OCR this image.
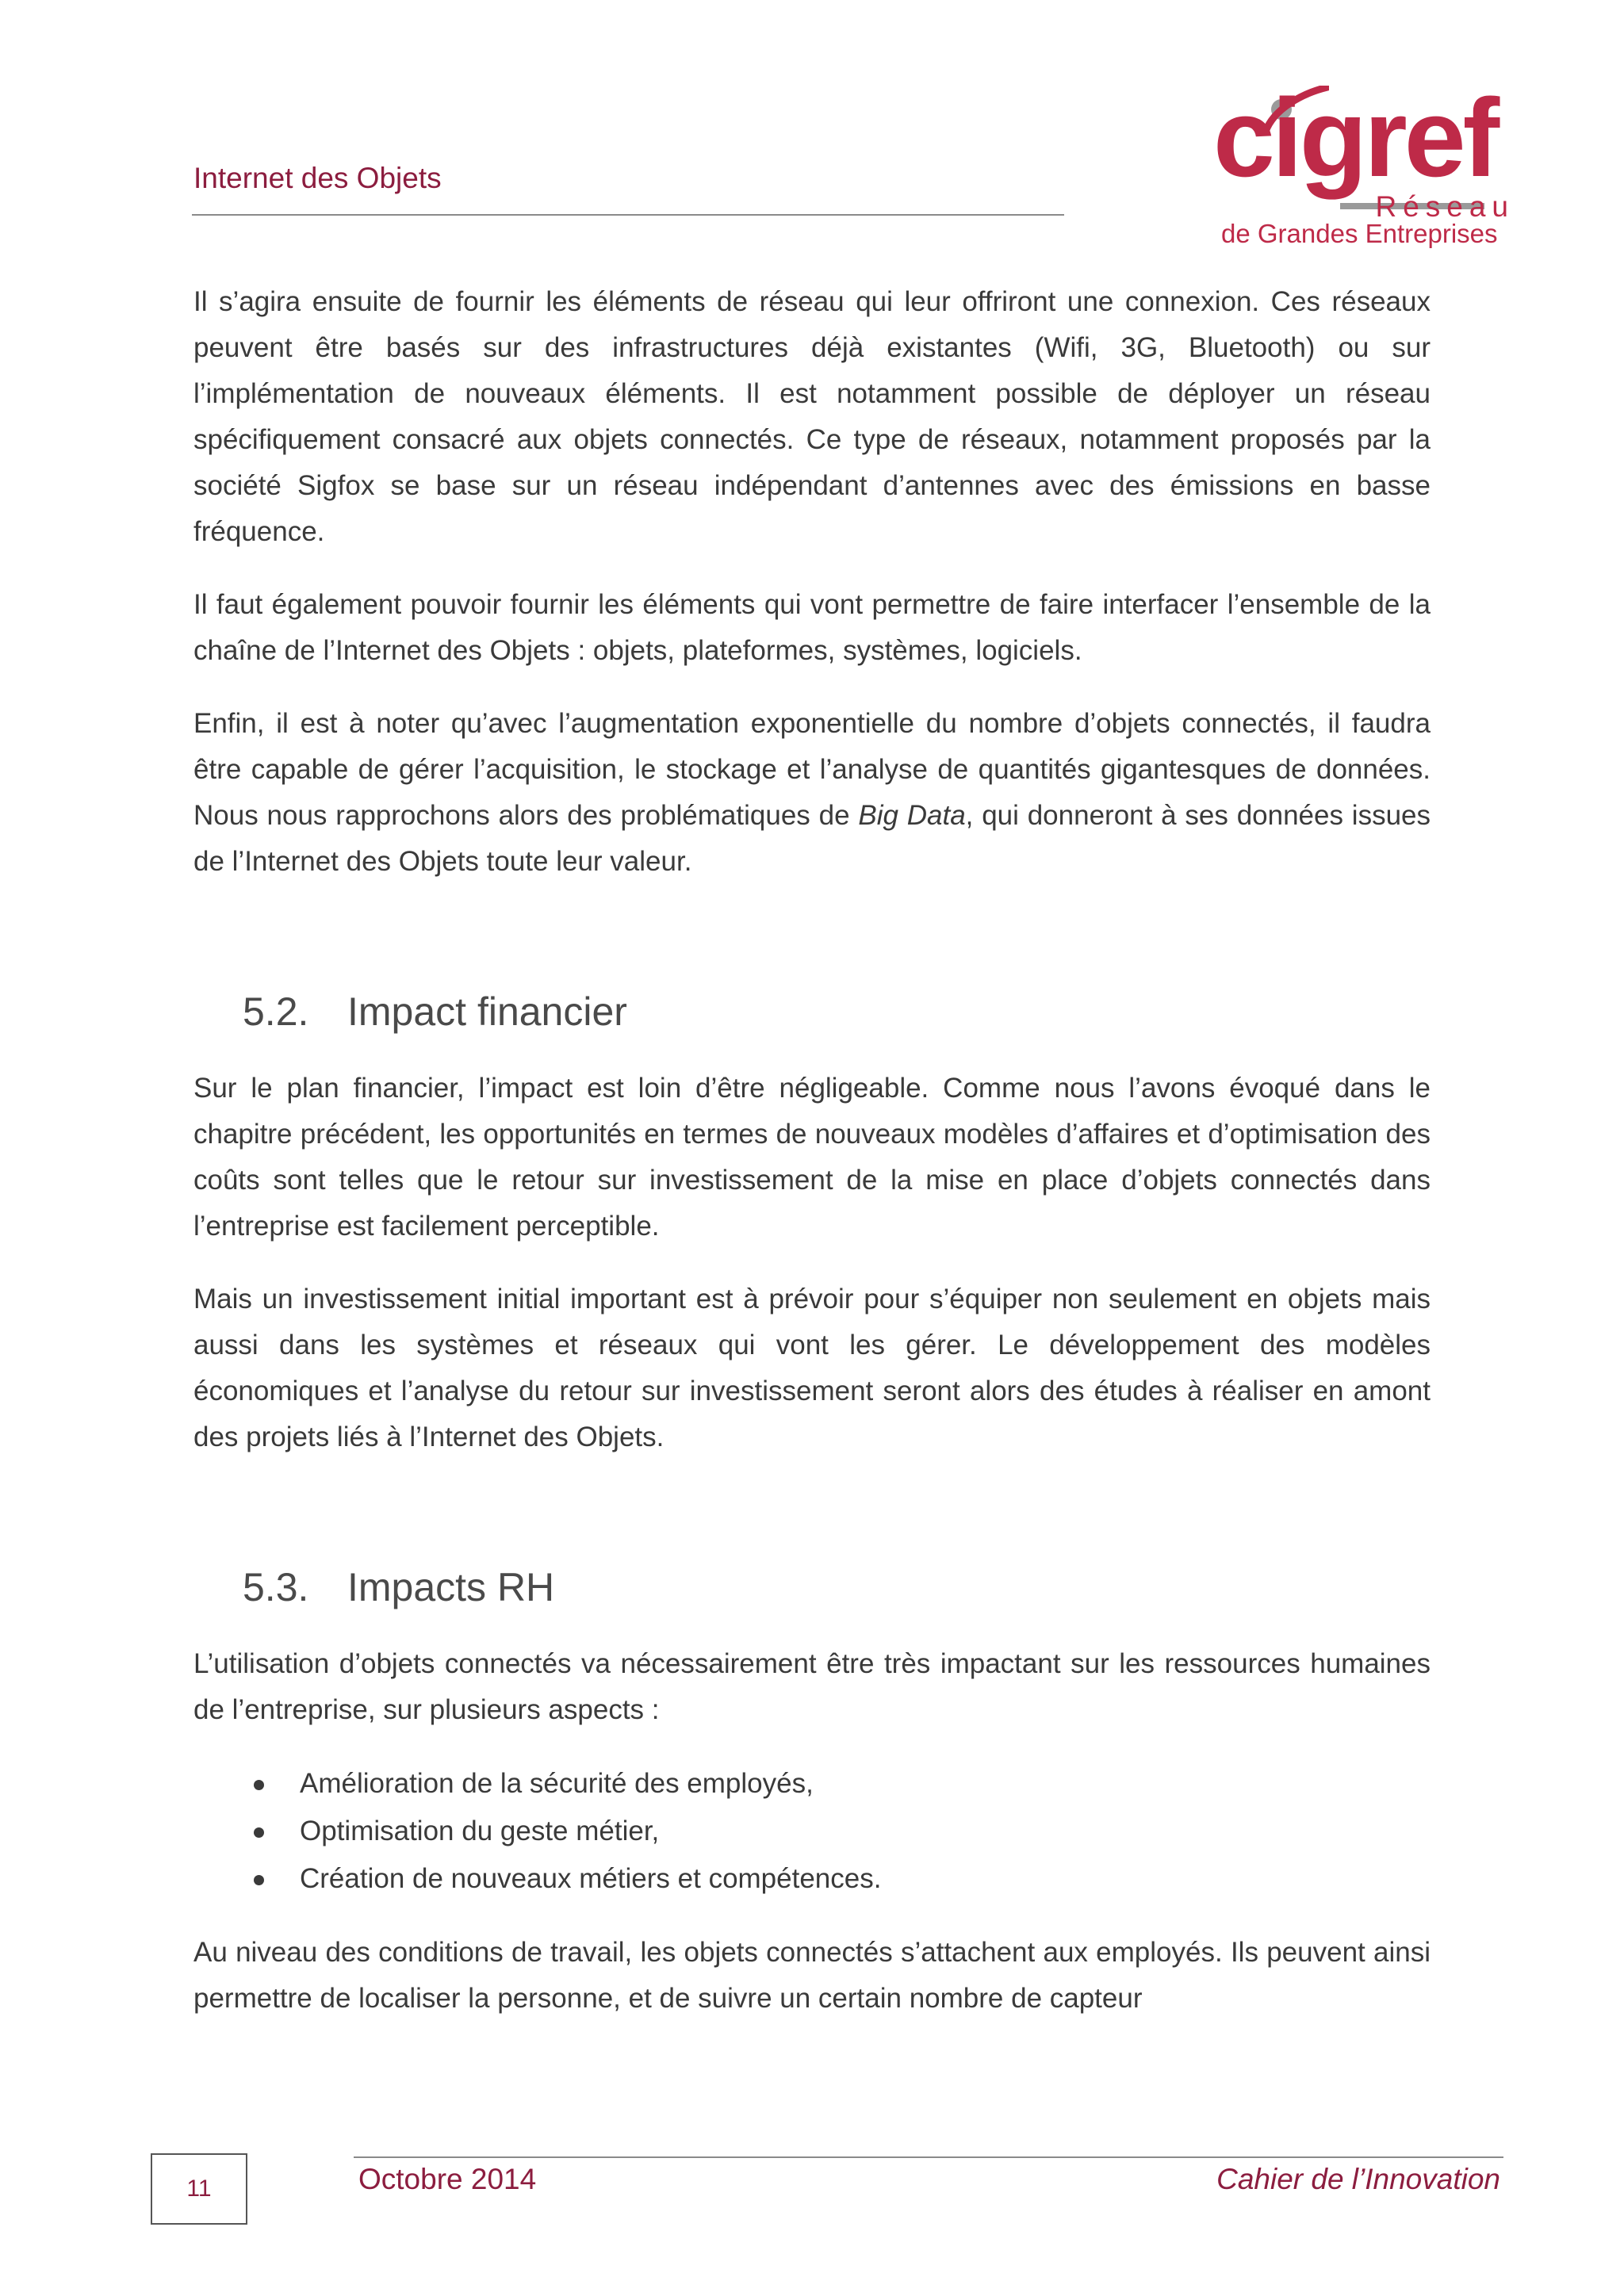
Internet des Objets	cigref
Réseau
de Grandes Entreprises

Il s’agira ensuite de fournir les éléments de réseau qui leur offriront une connexion. Ces réseaux peuvent être basés sur des infrastructures déjà existantes (Wifi, 3G, Bluetooth) ou sur l’implémentation de nouveaux éléments. Il est notamment possible de déployer un réseau spécifiquement consacré aux objets connectés. Ce type de réseaux, notamment proposés par la société Sigfox se base sur un réseau indépendant d’antennes avec des émissions en basse fréquence.

Il faut également pouvoir fournir les éléments qui vont permettre de faire interfacer l’ensemble de la chaîne de l’Internet des Objets : objets, plateformes, systèmes, logiciels.

Enfin, il est à noter qu’avec l’augmentation exponentielle du nombre d’objets connectés, il faudra être capable de gérer l’acquisition, le stockage et l’analyse de quantités gigantesques de données. Nous nous rapprochons alors des problématiques de Big Data, qui donneront à ses données issues de l’Internet des Objets toute leur valeur.

5.2. Impact financier

Sur le plan financier, l’impact est loin d’être négligeable. Comme nous l’avons évoqué dans le chapitre précédent, les opportunités en termes de nouveaux modèles d’affaires et d’optimisation des coûts sont telles que le retour sur investissement de la mise en place d’objets connectés dans l’entreprise est facilement perceptible.

Mais un investissement initial important est à prévoir pour s’équiper non seulement en objets mais aussi dans les systèmes et réseaux qui vont les gérer. Le développement des modèles économiques et l’analyse du retour sur investissement seront alors des études à réaliser en amont des projets liés à l’Internet des Objets.

5.3. Impacts RH

L’utilisation d’objets connectés va nécessairement être très impactant sur les ressources humaines de l’entreprise, sur plusieurs aspects :

Amélioration de la sécurité des employés,
Optimisation du geste métier,
Création de nouveaux métiers et compétences.

Au niveau des conditions de travail, les objets connectés s’attachent aux employés. Ils peuvent ainsi permettre de localiser la personne, et de suivre un certain nombre de capteur

11	Octobre 2014	Cahier de l’Innovation
